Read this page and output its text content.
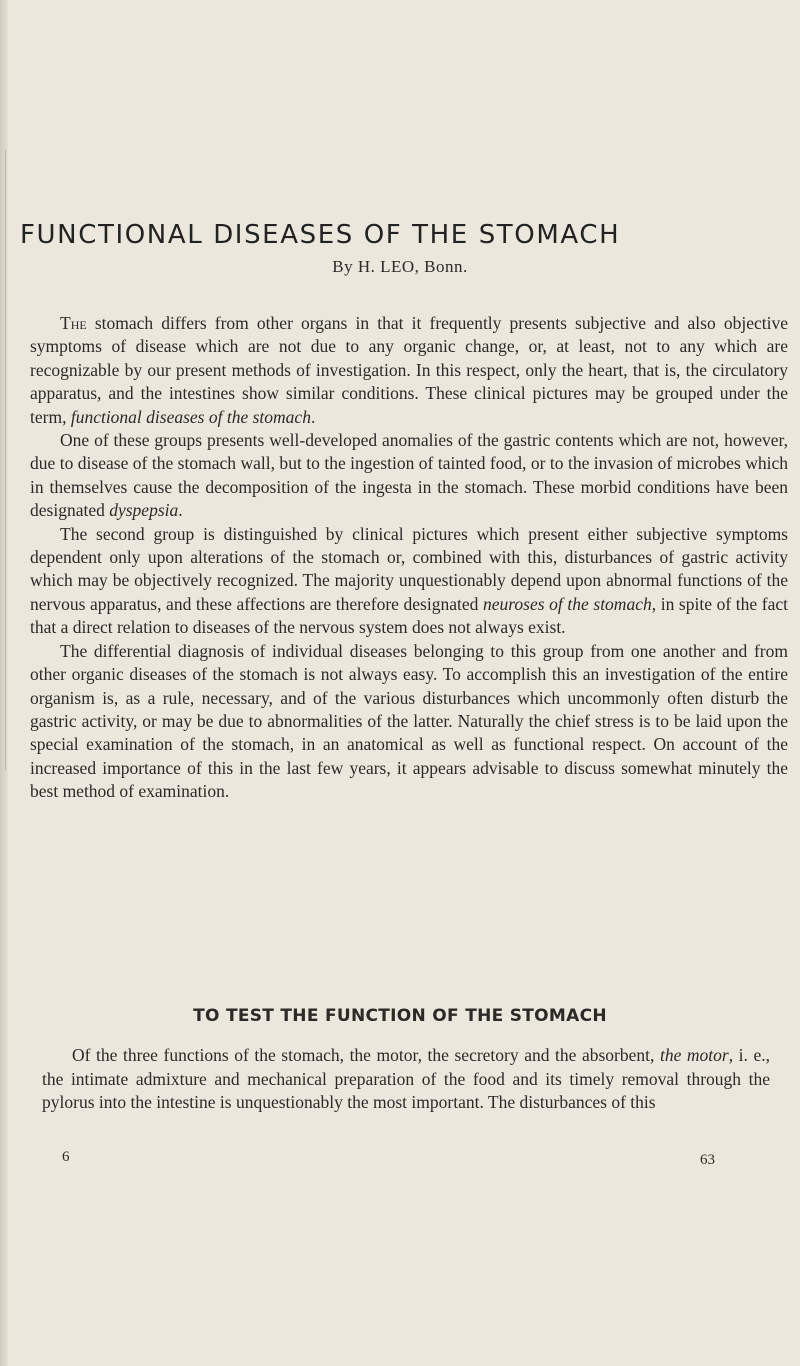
FUNCTIONAL DISEASES OF THE STOMACH
By H. LEO, Bonn.

The stomach differs from other organs in that it frequently presents subjective and also objective symptoms of disease which are not due to any organic change, or, at least, not to any which are recognizable by our present methods of investigation. In this respect, only the heart, that is, the circulatory apparatus, and the intestines show similar conditions. These clinical pictures may be grouped under the term, functional diseases of the stomach.

One of these groups presents well-developed anomalies of the gastric contents which are not, however, due to disease of the stomach wall, but to the ingestion of tainted food, or to the invasion of microbes which in themselves cause the decomposition of the ingesta in the stomach. These morbid conditions have been designated dyspepsia.

The second group is distinguished by clinical pictures which present either subjective symptoms dependent only upon alterations of the stomach or, combined with this, disturbances of gastric activity which may be objectively recognized. The majority unquestionably depend upon abnormal functions of the nervous apparatus, and these affections are therefore designated neuroses of the stomach, in spite of the fact that a direct relation to diseases of the nervous system does not always exist.

The differential diagnosis of individual diseases belonging to this group from one another and from other organic diseases of the stomach is not always easy. To accomplish this an investigation of the entire organism is, as a rule, necessary, and of the various disturbances which uncommonly often disturb the gastric activity, or may be due to abnormalities of the latter. Naturally the chief stress is to be laid upon the special examination of the stomach, in an anatomical as well as functional respect. On account of the increased importance of this in the last few years, it appears advisable to discuss somewhat minutely the best method of examination.

TO TEST THE FUNCTION OF THE STOMACH

Of the three functions of the stomach, the motor, the secretory and the absorbent, the motor, i. e., the intimate admixture and mechanical preparation of the food and its timely removal through the pylorus into the intestine is unquestionably the most important. The disturbances of this

6	63
